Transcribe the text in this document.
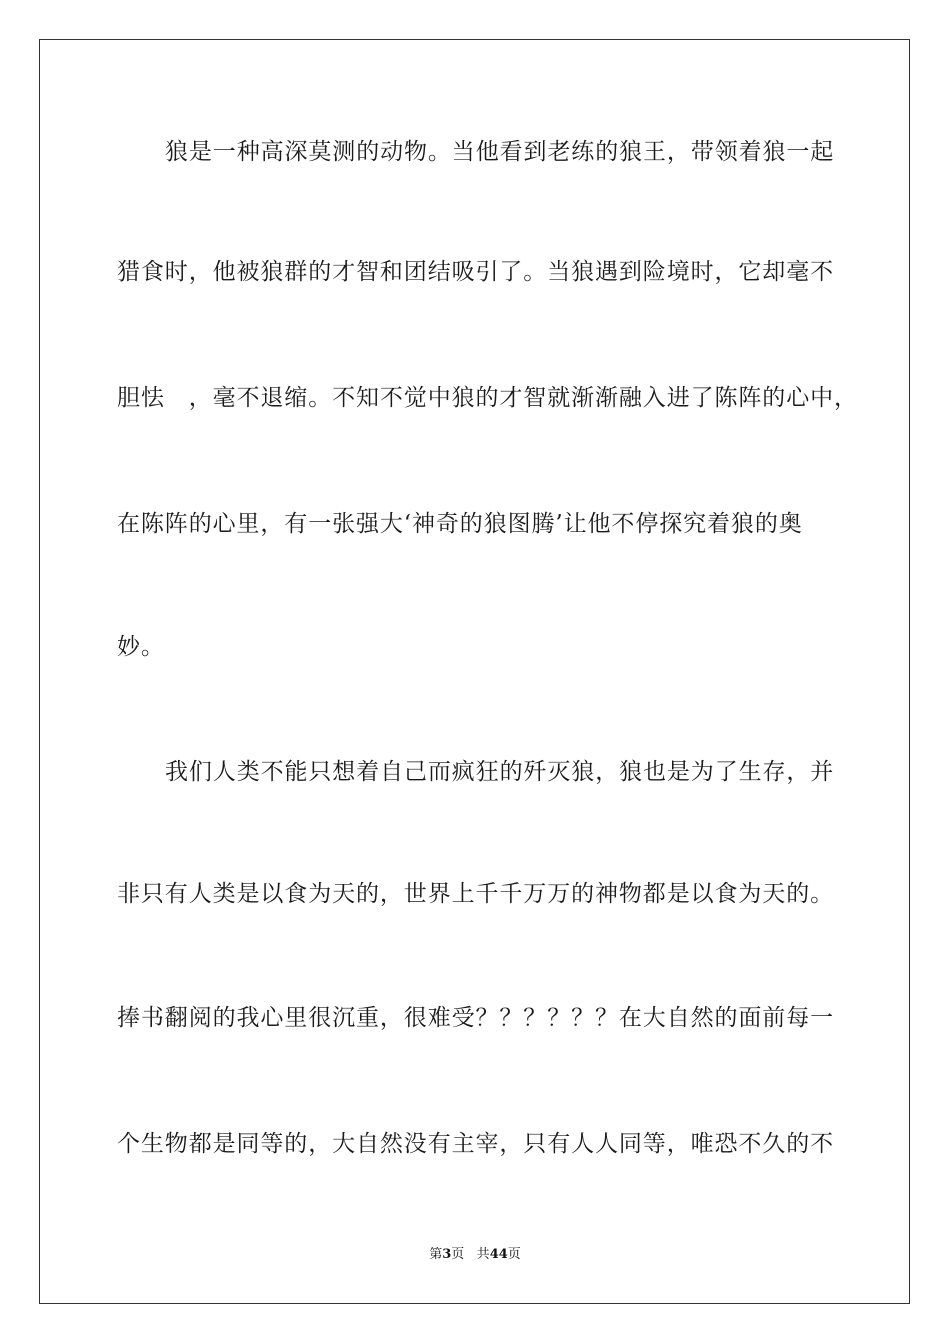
狼是一种高深莫测的动物。当他看到老练的狼王，带领着狼一起
猎食时，他被狼群的才智和团结吸引了。当狼遇到险境时，它却毫不
胆怯　，毫不退缩。不知不觉中狼的才智就渐渐融入进了陈阵的心中，
在陈阵的心里，有一张强大‘神奇的狼图腾’让他不停探究着狼的奥
妙。
我们人类不能只想着自己而疯狂的歼灭狼，狼也是为了生存，并
非只有人类是以食为天的，世界上千千万万的神物都是以食为天的。
捧书翻阅的我心里很沉重，很难受？？？？？？在大自然的面前每一
个生物都是同等的，大自然没有主宰，只有人人同等，唯恐不久的不
第3页 共44页
